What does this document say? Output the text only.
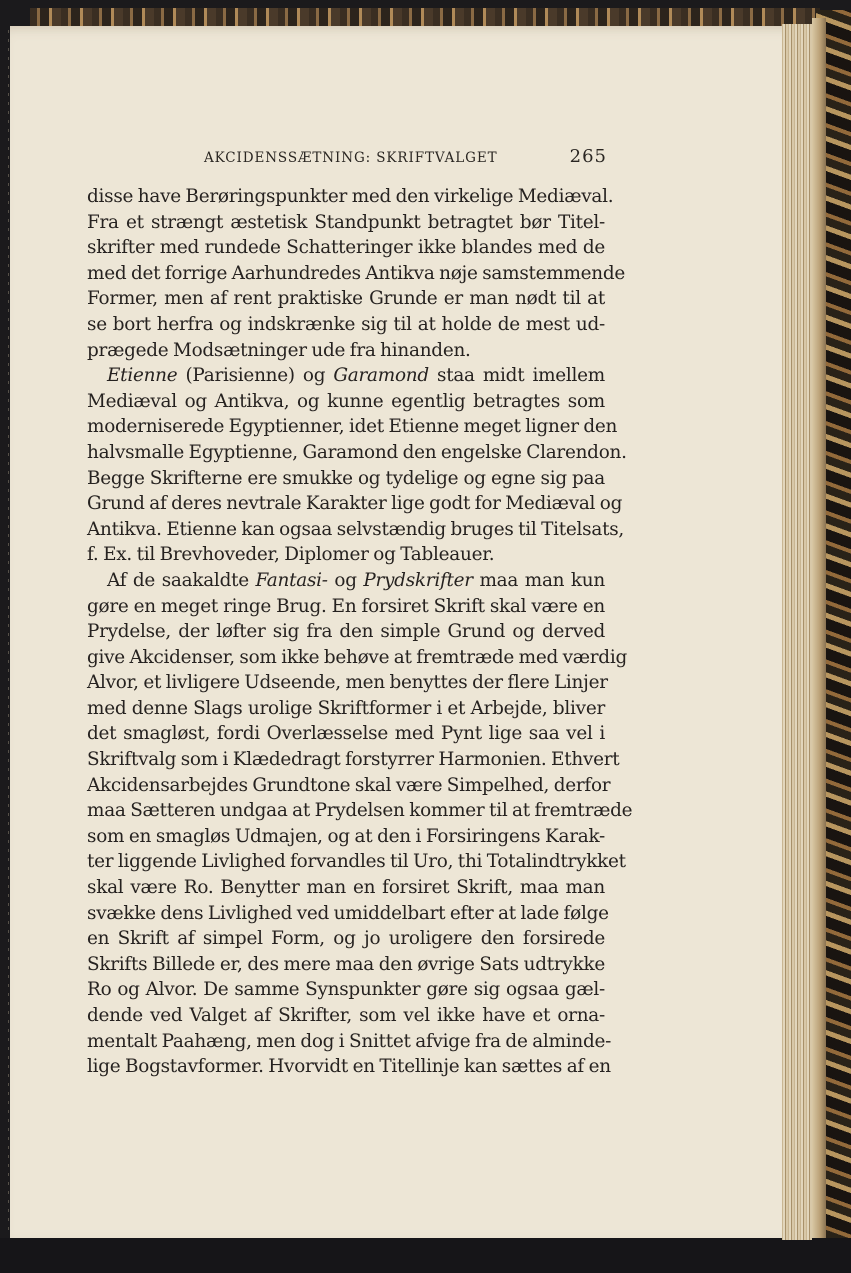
AKCIDENSSÆTNING: SKRIFTVALGET	265
disse have Berøringspunkter med den virkelige Mediæval.
Fra et strængt æstetisk Standpunkt betragtet bør Titel-
skrifter med rundede Schatteringer ikke blandes med de
med det forrige Aarhundredes Antikva nøje samstemmende
Former, men af rent praktiske Grunde er man nødt til at
se bort herfra og indskrænke sig til at holde de mest ud-
prægede Modsætninger ude fra hinanden.
Etienne (Parisienne) og Garamond staa midt imellem
Mediæval og Antikva, og kunne egentlig betragtes som
moderniserede Egyptienner, idet Etienne meget ligner den
halvsmalle Egyptienne, Garamond den engelske Clarendon.
Begge Skrifterne ere smukke og tydelige og egne sig paa
Grund af deres nevtrale Karakter lige godt for Mediæval og
Antikva. Etienne kan ogsaa selvstændig bruges til Titelsats,
f. Ex. til Brevhoveder, Diplomer og Tableauer.
Af de saakaldte Fantasi- og Prydskrifter maa man kun
gøre en meget ringe Brug. En forsiret Skrift skal være en
Prydelse, der løfter sig fra den simple Grund og derved
give Akcidenser, som ikke behøve at fremtræde med værdig
Alvor, et livligere Udseende, men benyttes der flere Linjer
med denne Slags urolige Skriftformer i et Arbejde, bliver
det smagløst, fordi Overlæsselse med Pynt lige saa vel i
Skriftvalg som i Klædedragt forstyrrer Harmonien. Ethvert
Akcidensarbejdes Grundtone skal være Simpelhed, derfor
maa Sætteren undgaa at Prydelsen kommer til at fremtræde
som en smagløs Udmajen, og at den i Forsiringens Karak-
ter liggende Livlighed forvandles til Uro, thi Totalindtrykket
skal være Ro. Benytter man en forsiret Skrift, maa man
svække dens Livlighed ved umiddelbart efter at lade følge
en Skrift af simpel Form, og jo uroligere den forsirede
Skrifts Billede er, des mere maa den øvrige Sats udtrykke
Ro og Alvor. De samme Synspunkter gøre sig ogsaa gæl-
dende ved Valget af Skrifter, som vel ikke have et orna-
mentalt Paahæng, men dog i Snittet afvige fra de alminde-
lige Bogstavformer. Hvorvidt en Titellinje kan sættes af en
